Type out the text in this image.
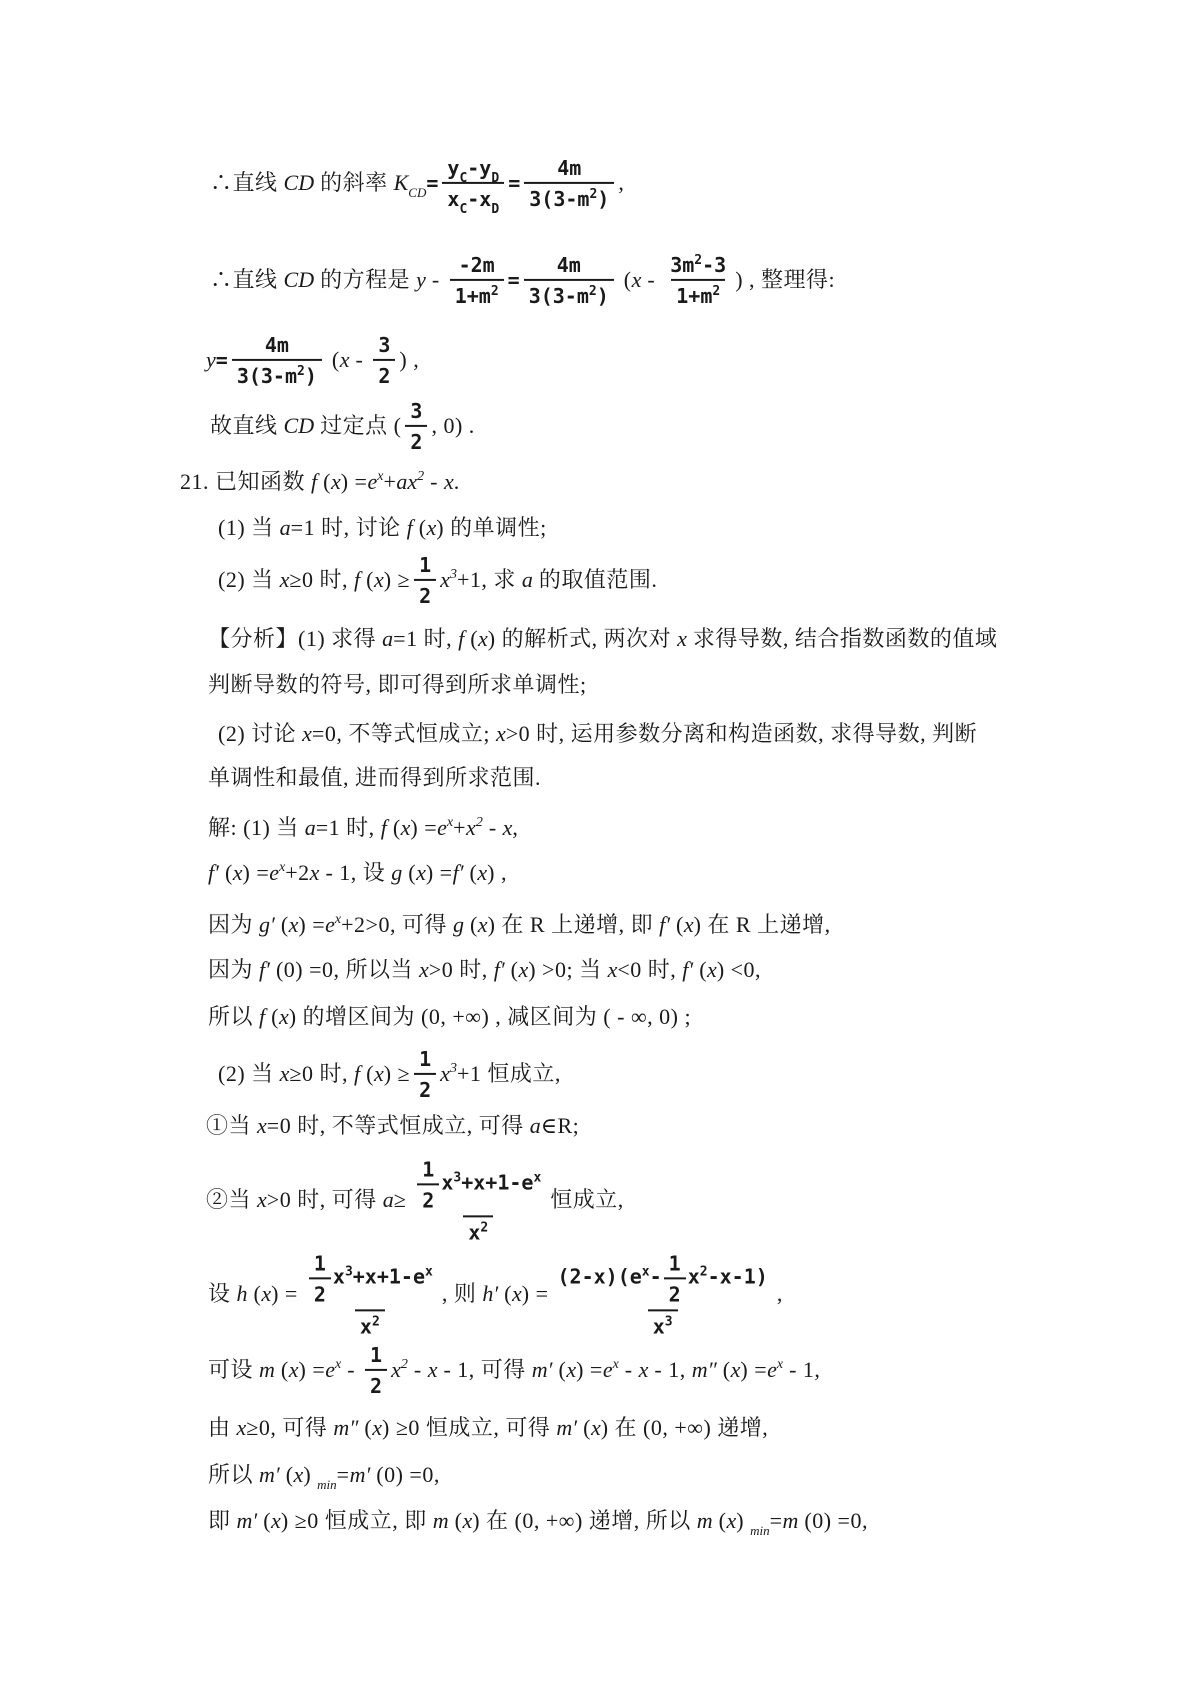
∴直线 CD 的斜率 $K_{CD}= \frac{y_C-y_D}{x_C-x_D} = \frac{4m}{3(3-m^2)}$ ,
∴直线 CD 的方程是 $y - \frac{-2m}{1+m^2} = \frac{4m}{3(3-m^2)} (x - \frac{3m^2-3}{1+m^2}$ ) , 整理得:
$y= \frac{4m}{3(3-m^2)} (x - \frac{3}{2}$ ) ,
故直线 CD 过定点 ( $\frac{3}{2}$ , 0) .
21. 已知函数 f $(x) =e^x+ax^2 - x$.
(1) 当 a=1 时, 讨论 f (x) 的单调性;
(2) 当 x≥0 时, f $(x) \ge \frac{1}{2} x^3+1$, 求 a 的取值范围.
【分析】(1) 求得 a=1 时, f (x) 的解析式, 两次对 x 求得导数, 结合指数函数的值域
判断导数的符号, 即可得到所求单调性;
(2) 讨论 x=0, 不等式恒成立; x>0 时, 运用参数分离和构造函数, 求得导数, 判断
单调性和最值, 进而得到所求范围.
解: (1) 当 a=1 时, f $(x) =e^x+x^2 - x$,
f′ $(x) =e^x+2x - 1$, 设 g (x) =f′ (x) ,
因为 g′ $(x) =e^x+2>0$, 可得 g (x) 在 R 上递增, 即 f′ (x) 在 R 上递增,
因为 f′ (0) =0, 所以当 x>0 时, f′ (x) >0; 当 x<0 时, f′ (x) <0,
所以 f (x) 的增区间为 (0, +∞) , 减区间为 ( - ∞, 0) ;
(2) 当 x≥0 时, f $(x) \ge \frac{1}{2} x^3+1$ 恒成立,
①当 x=0 时, 不等式恒成立, 可得 a∈R;
②当 x>0 时, 可得 $a\ge \frac{\frac{1}{2} x^3+x+1-e^x}{x^2}$ 恒成立,
设 h $(x) = \frac{\frac{1}{2} x^3+x+1-e^x}{x^2}$ , 则 h′ $(x) = \frac{(2-x)(e^x- \frac{1}{2} x^2-x-1)}{x^3}$ ,
可设 m $(x) =e^x - \frac{1}{2} x^2 - x - 1$, 可得 m′ $(x) =e^x - x - 1$, m″ $(x) =e^x - 1$,
由 x≥0, 可得 m″ (x) ≥0 恒成立, 可得 m′ (x) 在 (0, +∞) 递增,
所以 m′ (x) $_{min}$=m′ (0) =0,
即 m′ (x) ≥0 恒成立, 即 m (x) 在 (0, +∞) 递增, 所以 m (x) $_{min}$=m (0) =0,
